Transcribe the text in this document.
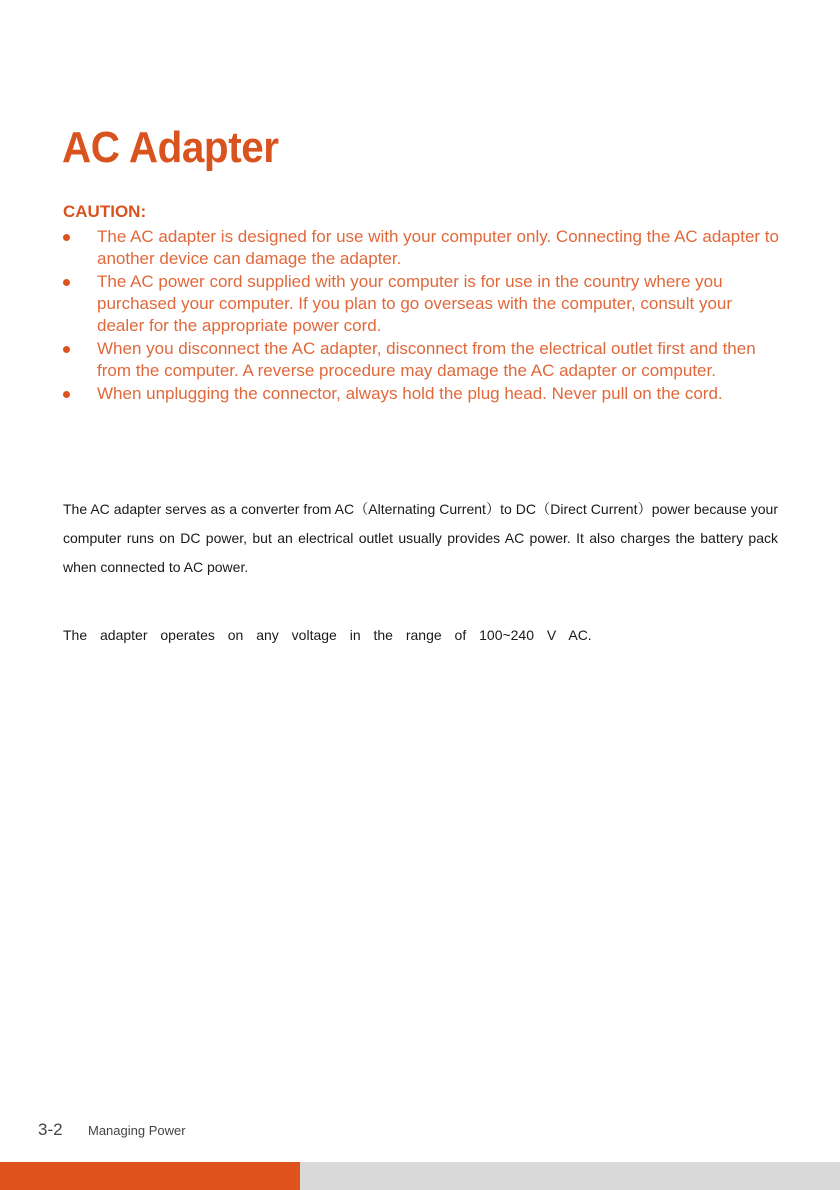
AC Adapter
CAUTION:
The AC adapter is designed for use with your computer only. Connecting the AC adapter to another device can damage the adapter.
The AC power cord supplied with your computer is for use in the country where you purchased your computer. If you plan to go overseas with the computer, consult your dealer for the appropriate power cord.
When you disconnect the AC adapter, disconnect from the electrical outlet first and then from the computer. A reverse procedure may damage the AC adapter or computer.
When unplugging the connector, always hold the plug head. Never pull on the cord.

The AC adapter serves as a converter from AC（Alternating Current）to DC（Direct Current）power because your computer runs on DC power, but an electrical outlet usually provides AC power. It also charges the battery pack when connected to AC power.

The adapter operates on any voltage in the range of 100~240 V AC.

3-2 Managing Power
